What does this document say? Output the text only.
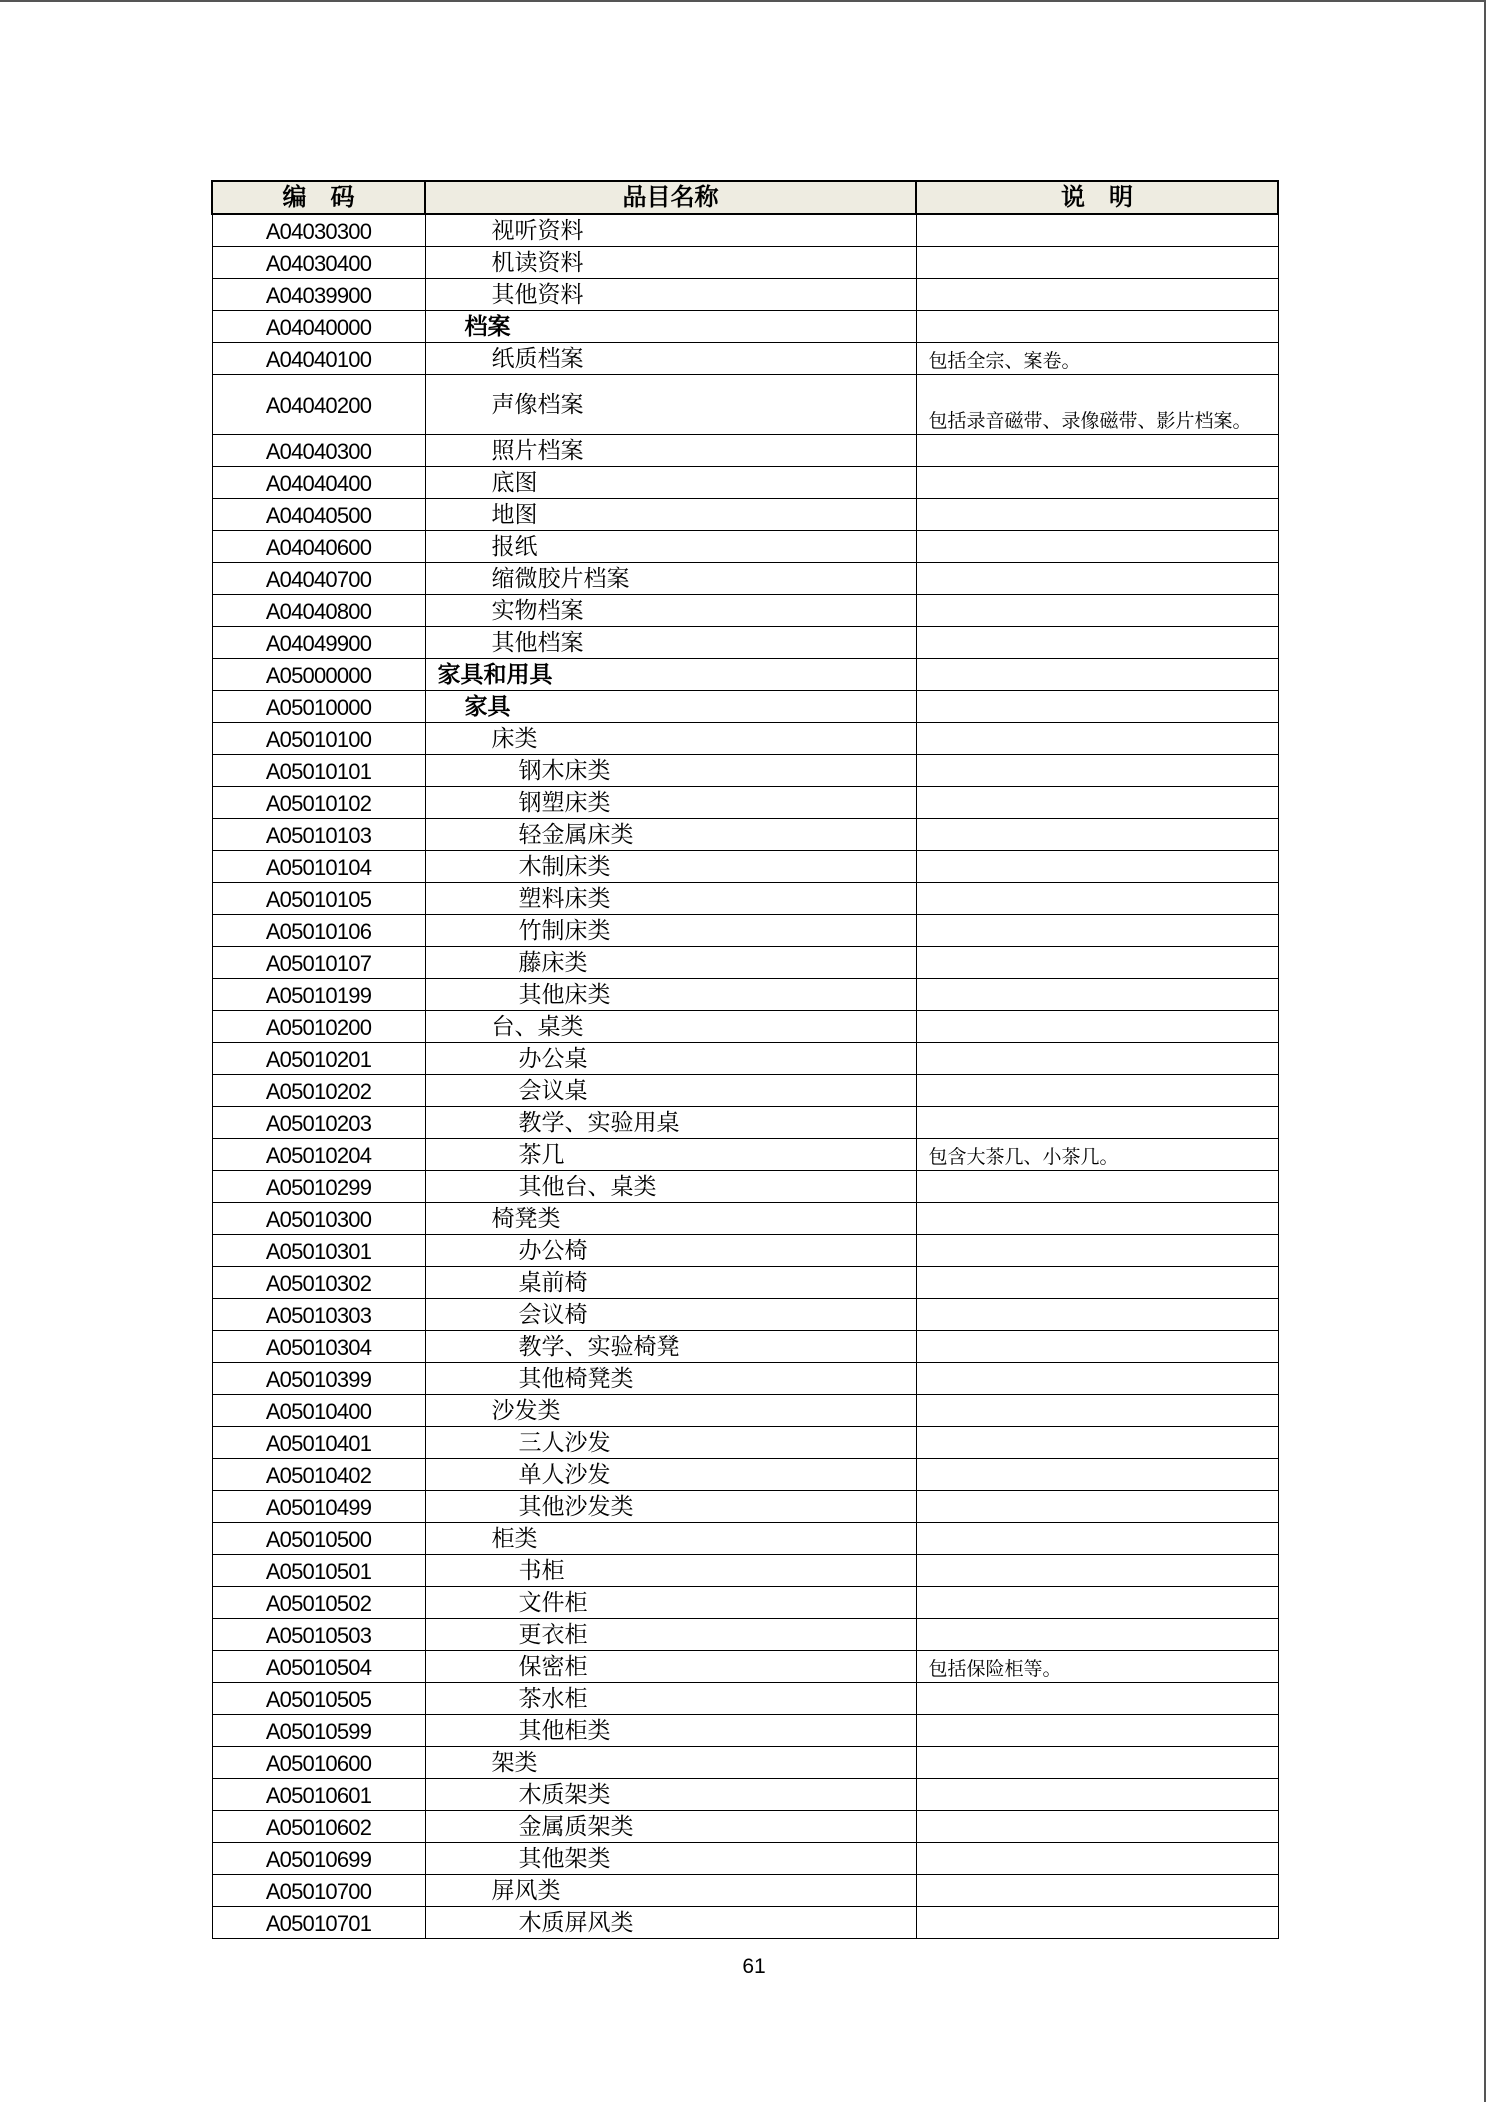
编　码	品目名称	说　明
A04030300	视听资料	
A04030400	机读资料	
A04039900	其他资料	
A04040000	档案	
A04040100	纸质档案	包括全宗、案卷。
A04040200	声像档案	包括录音磁带、录像磁带、影片档案。
A04040300	照片档案	
A04040400	底图	
A04040500	地图	
A04040600	报纸	
A04040700	缩微胶片档案	
A04040800	实物档案	
A04049900	其他档案	
A05000000	家具和用具	
A05010000	家具	
A05010100	床类	
A05010101	钢木床类	
A05010102	钢塑床类	
A05010103	轻金属床类	
A05010104	木制床类	
A05010105	塑料床类	
A05010106	竹制床类	
A05010107	藤床类	
A05010199	其他床类	
A05010200	台、桌类	
A05010201	办公桌	
A05010202	会议桌	
A05010203	教学、实验用桌	
A05010204	茶几	包含大茶几、小茶几。
A05010299	其他台、桌类	
A05010300	椅凳类	
A05010301	办公椅	
A05010302	桌前椅	
A05010303	会议椅	
A05010304	教学、实验椅凳	
A05010399	其他椅凳类	
A05010400	沙发类	
A05010401	三人沙发	
A05010402	单人沙发	
A05010499	其他沙发类	
A05010500	柜类	
A05010501	书柜	
A05010502	文件柜	
A05010503	更衣柜	
A05010504	保密柜	包括保险柜等。
A05010505	茶水柜	
A05010599	其他柜类	
A05010600	架类	
A05010601	木质架类	
A05010602	金属质架类	
A05010699	其他架类	
A05010700	屏风类	
A05010701	木质屏风类	
61
